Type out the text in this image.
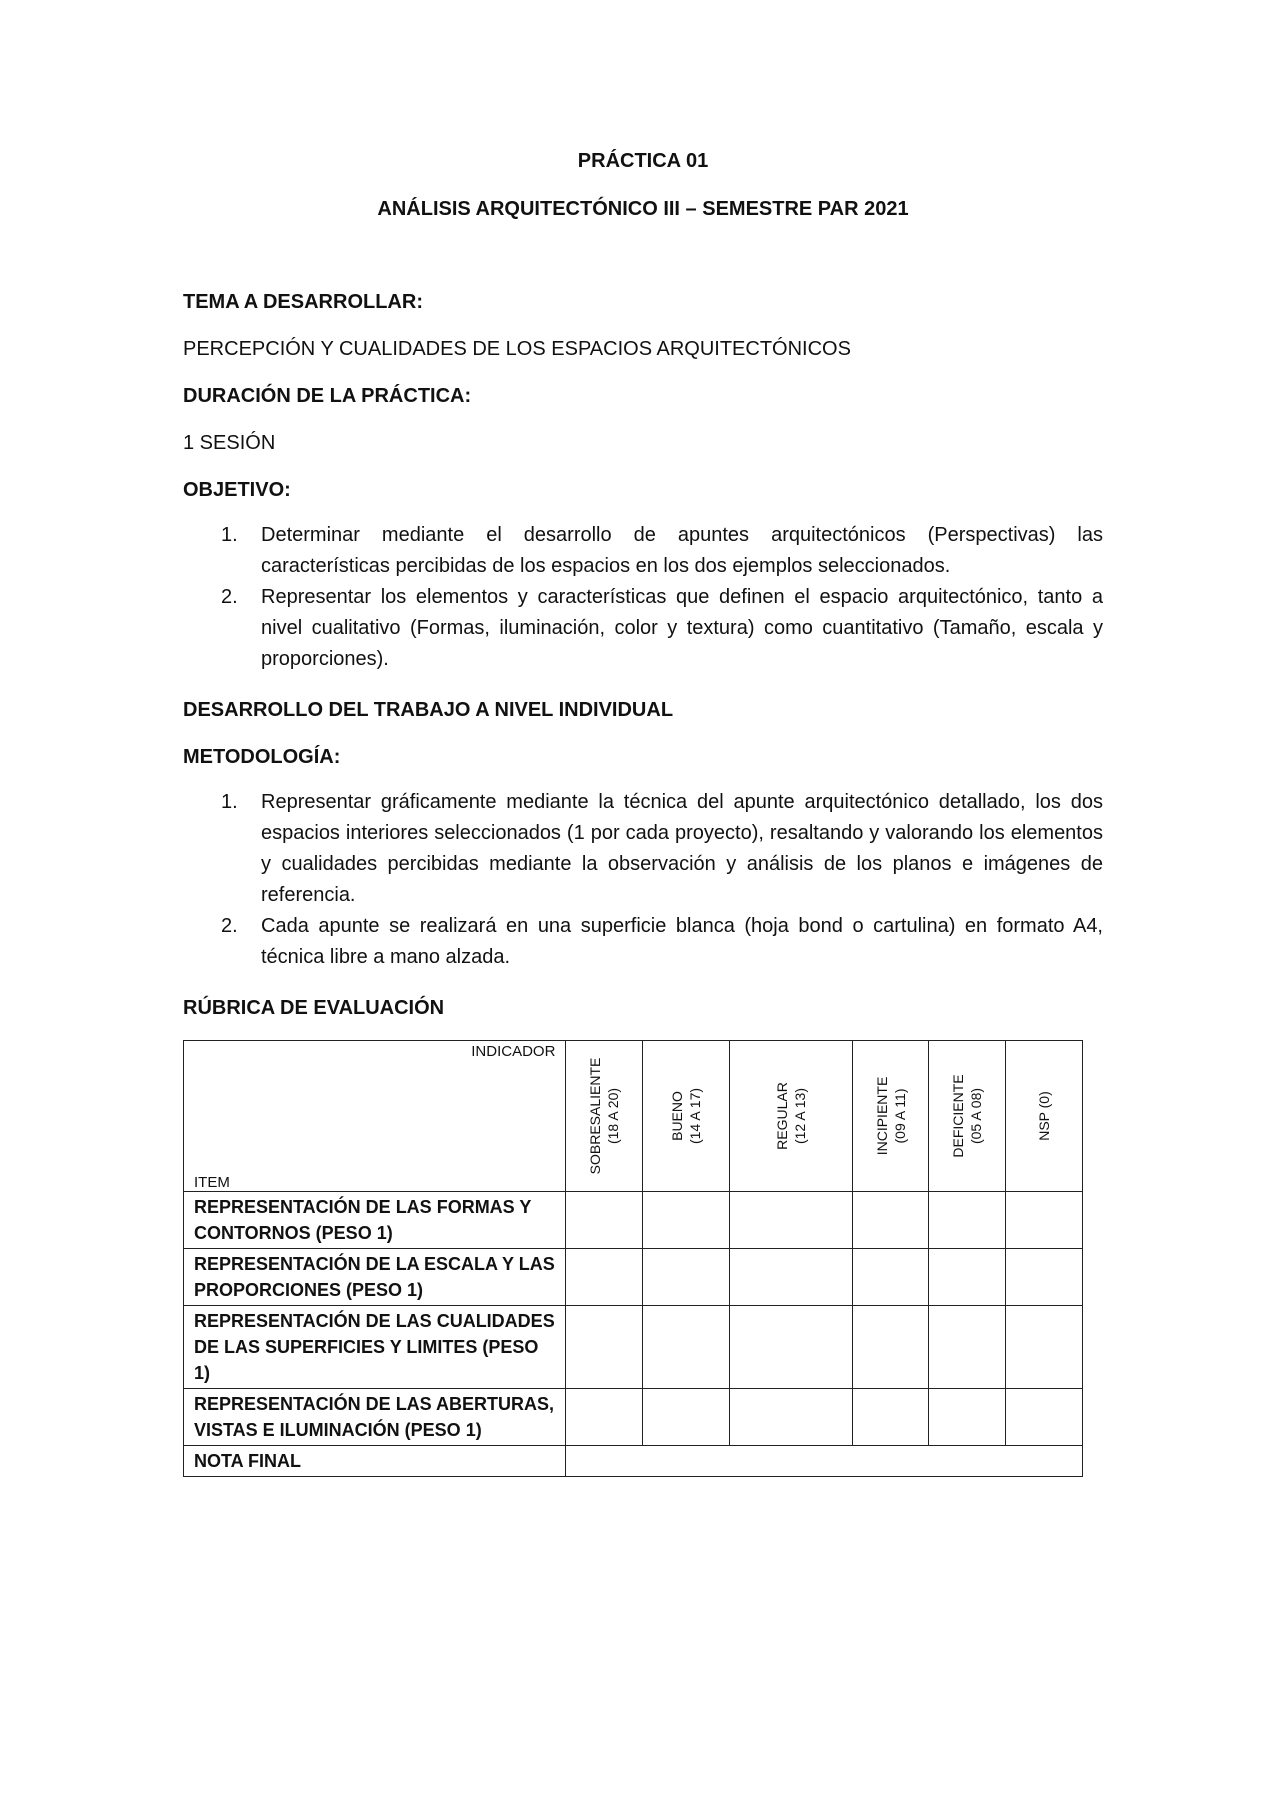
PRÁCTICA 01
ANÁLISIS ARQUITECTÓNICO III – SEMESTRE PAR 2021
TEMA A DESARROLLAR:
PERCEPCIÓN Y CUALIDADES DE LOS ESPACIOS ARQUITECTÓNICOS
DURACIÓN DE LA PRÁCTICA:
1 SESIÓN
OBJETIVO:
1.	Determinar mediante el desarrollo de apuntes arquitectónicos (Perspectivas) las características percibidas de los espacios en los dos ejemplos seleccionados.
2.	Representar los elementos y características que definen el espacio arquitectónico, tanto a nivel cualitativo (Formas, iluminación, color y textura) como cuantitativo (Tamaño, escala y proporciones).
DESARROLLO DEL TRABAJO A NIVEL INDIVIDUAL
METODOLOGÍA:
1.	Representar gráficamente mediante la técnica del apunte arquitectónico detallado, los dos espacios interiores seleccionados (1 por cada proyecto), resaltando y valorando los elementos y cualidades percibidas mediante la observación y análisis de los planos e imágenes de referencia.
2.	Cada apunte se realizará en una superficie blanca (hoja bond o cartulina) en formato A4, técnica libre a mano alzada.
RÚBRICA DE EVALUACIÓN
INDICADOR
ITEM	SOBRESALIENTE (18 A 20)	BUENO (14 A 17)	REGULAR (12 A 13)	INCIPIENTE (09 A 11)	DEFICIENTE (05 A 08)	NSP (0)

REPRESENTACIÓN DE LAS FORMAS Y
CONTORNOS (PESO 1)						

REPRESENTACIÓN DE LA ESCALA Y LAS
PROPORCIONES (PESO 1)						

REPRESENTACIÓN DE LAS CUALIDADES
DE LAS SUPERFICIES Y LIMITES (PESO 1)						

REPRESENTACIÓN DE LAS ABERTURAS,
VISTAS E ILUMINACIÓN (PESO 1)						

NOTA FINAL						
